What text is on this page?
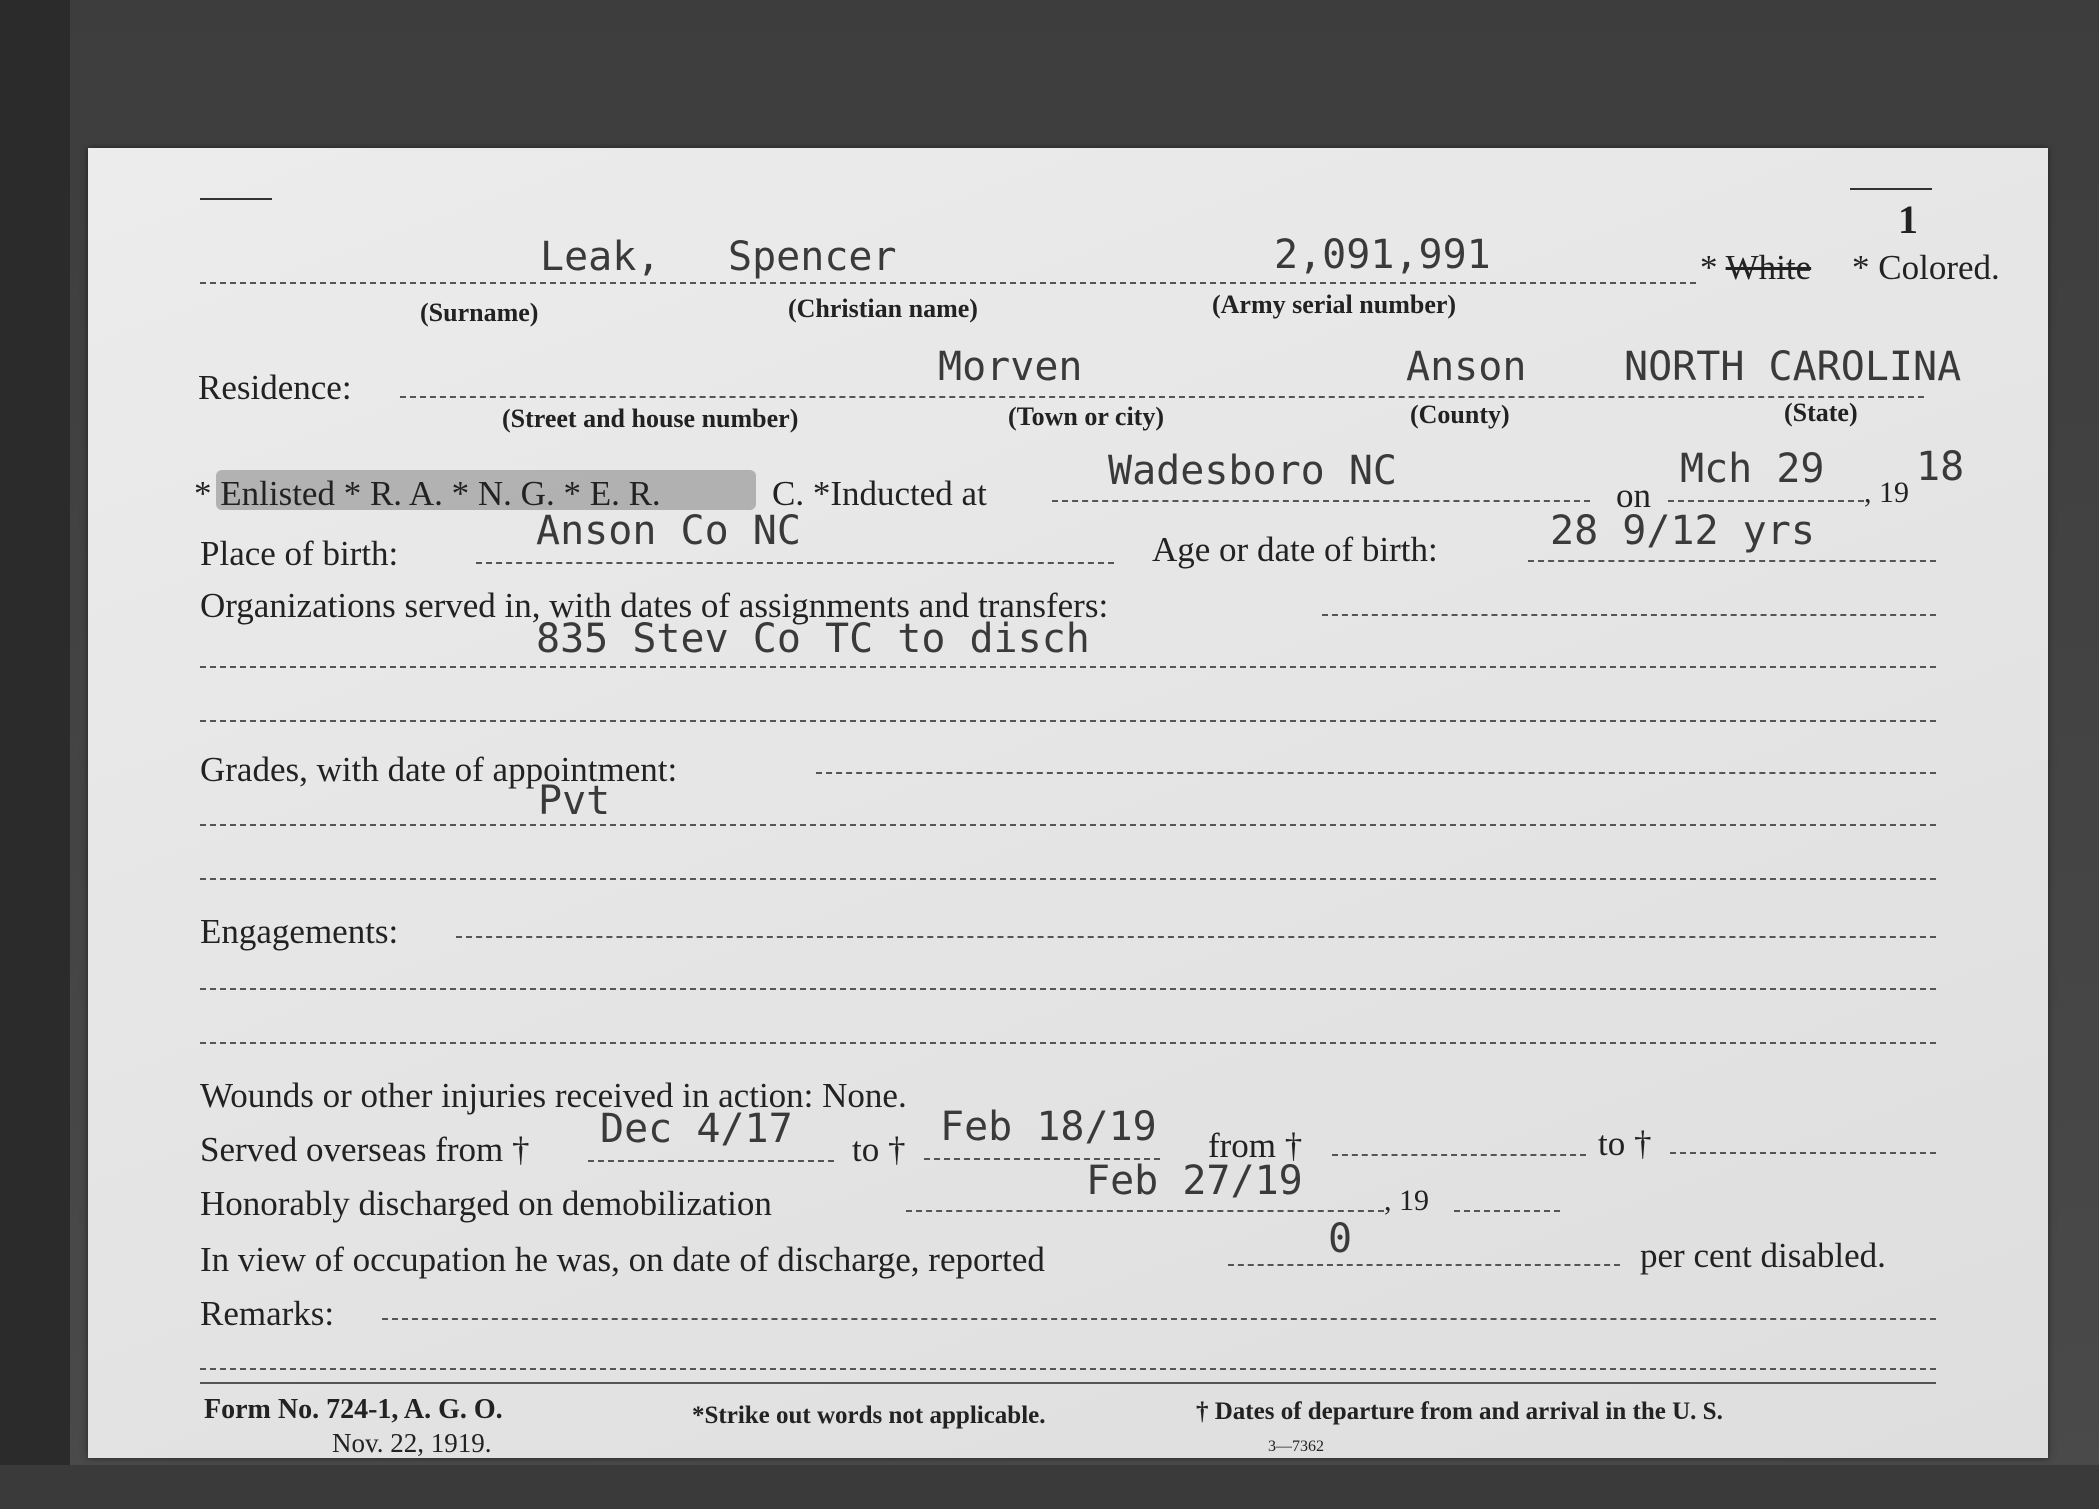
1
Leak, Spencer	2,091,991	* White * Colored.
(Surname)	(Christian name)	(Army serial number)
Residence:	Morven	Anson NORTH CAROLINA
(Street and house number)	(Town or city)	(County)	(State)
* Enlisted * R. A. * N. G. * E. R.	C. *Inducted at	Wadesboro NC
on
Mch 29
, 19
18
Place of birth:	Anson Co NC	Age or date of birth:	28 9/12 yrs
Organizations served in, with dates of assignments and transfers:
835 Stev Co TC to disch
Grades, with date of appointment:
Pvt
Engagements:
Wounds or other injuries received in action: None.
Served overseas from † Dec 4/17 to † Feb 18/19 from †	to †
Honorably discharged on demobilization	Feb 27/19	, 19
In view of occupation he was, on date of discharge, reported	0	per cent disabled.
Remarks:
Form No. 724-1, A. G. O.
Nov. 22, 1919.
*Strike out words not applicable.	† Dates of departure from and arrival in the U. S.
3—7362
